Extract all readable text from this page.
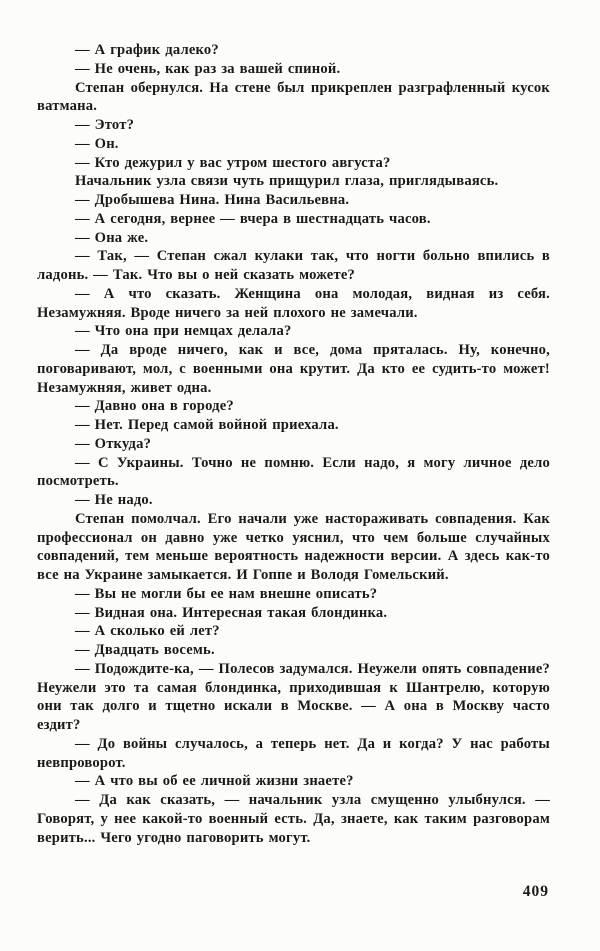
— А график далеко?

— Не очень, как раз за вашей спиной.

Степан обернулся. На стене был прикреплен разграфленный кусок ватмана.

— Этот?

— Он.

— Кто дежурил у вас утром шестого августа?

Начальник узла связи чуть прищурил глаза, приглядываясь.

— Дробышева Нина. Нина Васильевна.

— А сегодня, вернее — вчера в шестнадцать часов.

— Она же.

— Так, — Степан сжал кулаки так, что ногти больно впились в ладонь. — Так. Что вы о ней сказать можете?

— А что сказать. Женщина она молодая, видная из себя. Незамужняя. Вроде ничего за ней плохого не замечали.

— Что она при немцах делала?

— Да вроде ничего, как и все, дома пряталась. Ну, конечно, поговаривают, мол, с военными она крутит. Да кто ее судить-то может! Незамужняя, живет одна.

— Давно она в городе?

— Нет. Перед самой войной приехала.

— Откуда?

— С Украины. Точно не помню. Если надо, я могу личное дело посмотреть.

— Не надо.

Степан помолчал. Его начали уже настораживать совпадения. Как профессионал он давно уже четко уяснил, что чем больше случайных совпадений, тем меньше вероятность надежности версии. А здесь как-то все на Украине замыкается. И Гоппе и Володя Гомельский.

— Вы не могли бы ее нам внешне описать?

— Видная она. Интересная такая блондинка.

— А сколько ей лет?

— Двадцать восемь.

— Подождите-ка, — Полесов задумался. Неужели опять совпадение? Неужели это та самая блондинка, приходившая к Шантрелю, которую они так долго и тщетно искали в Москве. — А она в Москву часто ездит?

— До войны случалось, а теперь нет. Да и когда? У нас работы невпроворот.

— А что вы об ее личной жизни знаете?

— Да как сказать, — начальник узла смущенно улыбнулся. — Говорят, у нее какой-то военный есть. Да, знаете, как таким разговорам верить... Чего угодно паговорить могут.

409
